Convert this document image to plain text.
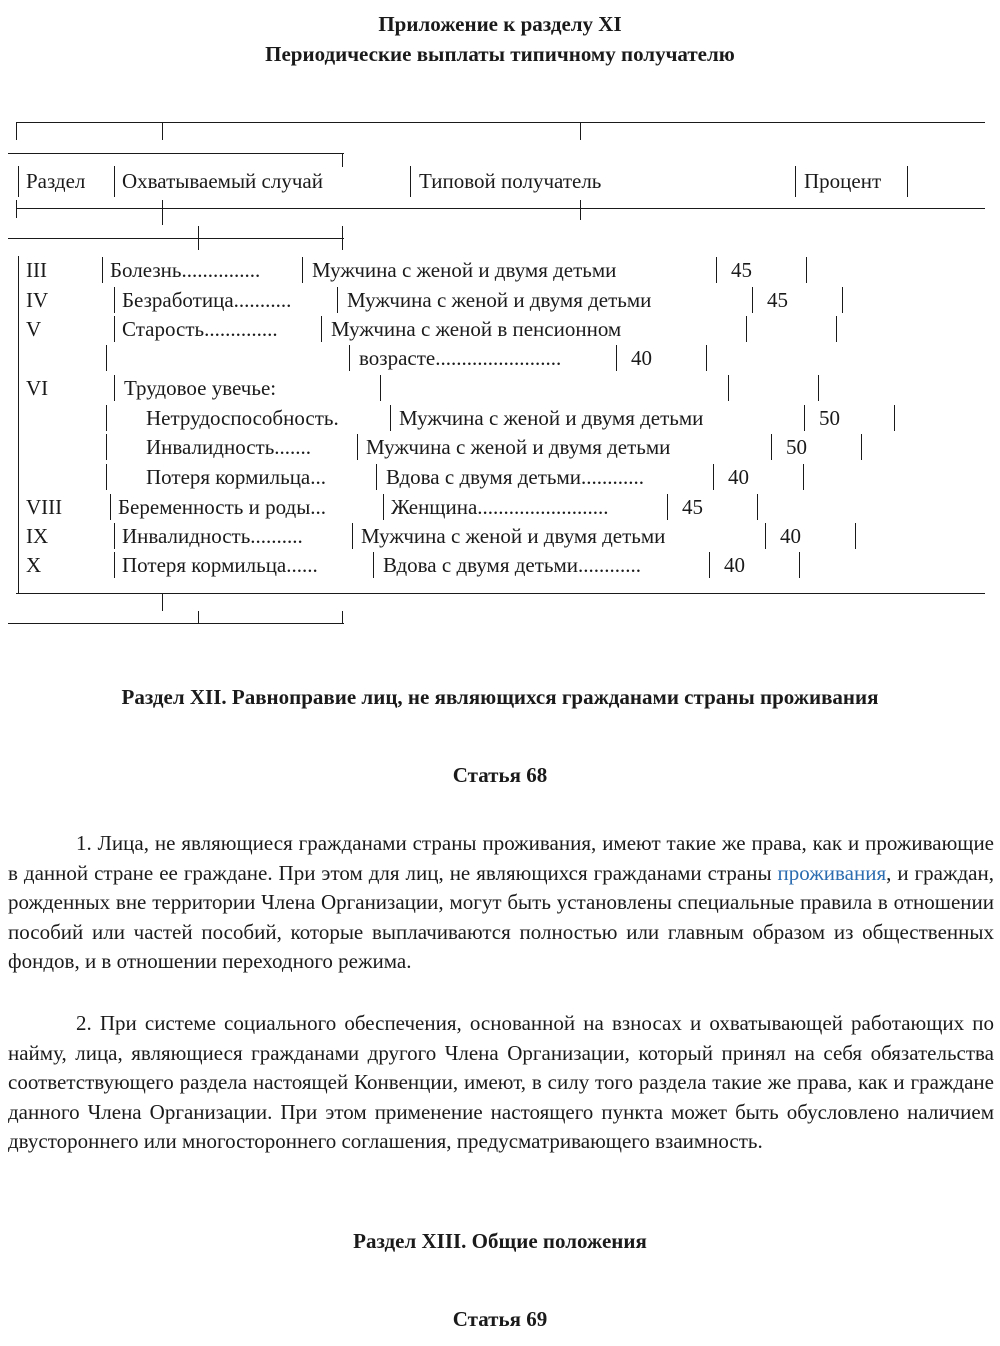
Приложение к разделу XI
Периодические выплаты типичному получателю
Раздел Охватываемый случай	Типовой получатель	Процент
III	Болезнь............... Мужчина с женой и двумя детьми	45
IV	Безработица...........	Мужчина с женой и двумя детьми	45
V	Старость..............	Мужчина с женой в пенсионном
возрасте........................	40
VI	Трудовое увечье:
Нетрудоспособность.	Мужчина с женой и двумя детьми	50
Инвалидность.......	Мужчина с женой и двумя детьми	50
Потеря кормильца...	Вдова с двумя детьми............	40
VIII	Беременность и роды...	Женщина.........................	45
IX	Инвалидность..........	Мужчина с женой и двумя детьми	40
X	Потеря кормильца......	Вдова с двумя детьми............	40
Раздел XII. Равноправие лиц, не являющихся гражданами страны проживания
Статья 68
1. Лица, не являющиеся гражданами страны проживания, имеют такие же права, как и проживающие в данной стране ее граждане. При этом для лиц, не являющихся гражданами страны проживания, и граждан, рожденных вне территории Члена Организации, могут быть установлены специальные правила в отношении пособий или частей пособий, которые выплачиваются полностью или главным образом из общественных фондов, и в отношении переходного режима.
2. При системе социального обеспечения, основанной на взносах и охватывающей работающих по найму, лица, являющиеся гражданами другого Члена Организации, который принял на себя обязательства соответствующего раздела настоящей Конвенции, имеют, в силу того раздела такие же права, как и граждане данного Члена Организации. При этом применение настоящего пункта может быть обусловлено наличием двустороннего или многостороннего соглашения, предусматривающего взаимность.
Раздел XIII. Общие положения
Статья 69
